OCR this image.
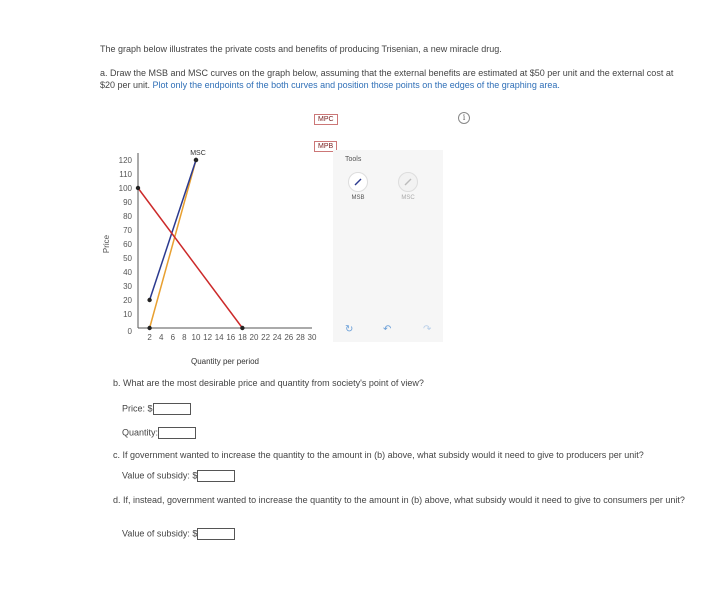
The graph below illustrates the private costs and benefits of producing Trisenian, a new miracle drug.
a. Draw the MSB and MSC curves on the graph below, assuming that the external benefits are estimated at $50 per unit and the external cost at $20 per unit. Plot only the endpoints of the both curves and position those points on the edges of the graphing area.
MPC
MPB
i
10
20
30
40
50
60
70
80
90
100
110
120
2 4 6 8 10 12 14 16 18 20 22 24 26 28 30
0
Price
Quantity per period
MSC
Tools
MSB	MSC
↻	↶	↷
b. What are the most desirable price and quantity from society's point of view?
Price: $
Quantity:
c. If government wanted to increase the quantity to the amount in (b) above, what subsidy would it need to give to producers per unit?
Value of subsidy: $
d. If, instead, government wanted to increase the quantity to the amount in (b) above, what subsidy would it need to give to consumers per unit?
Value of subsidy: $
